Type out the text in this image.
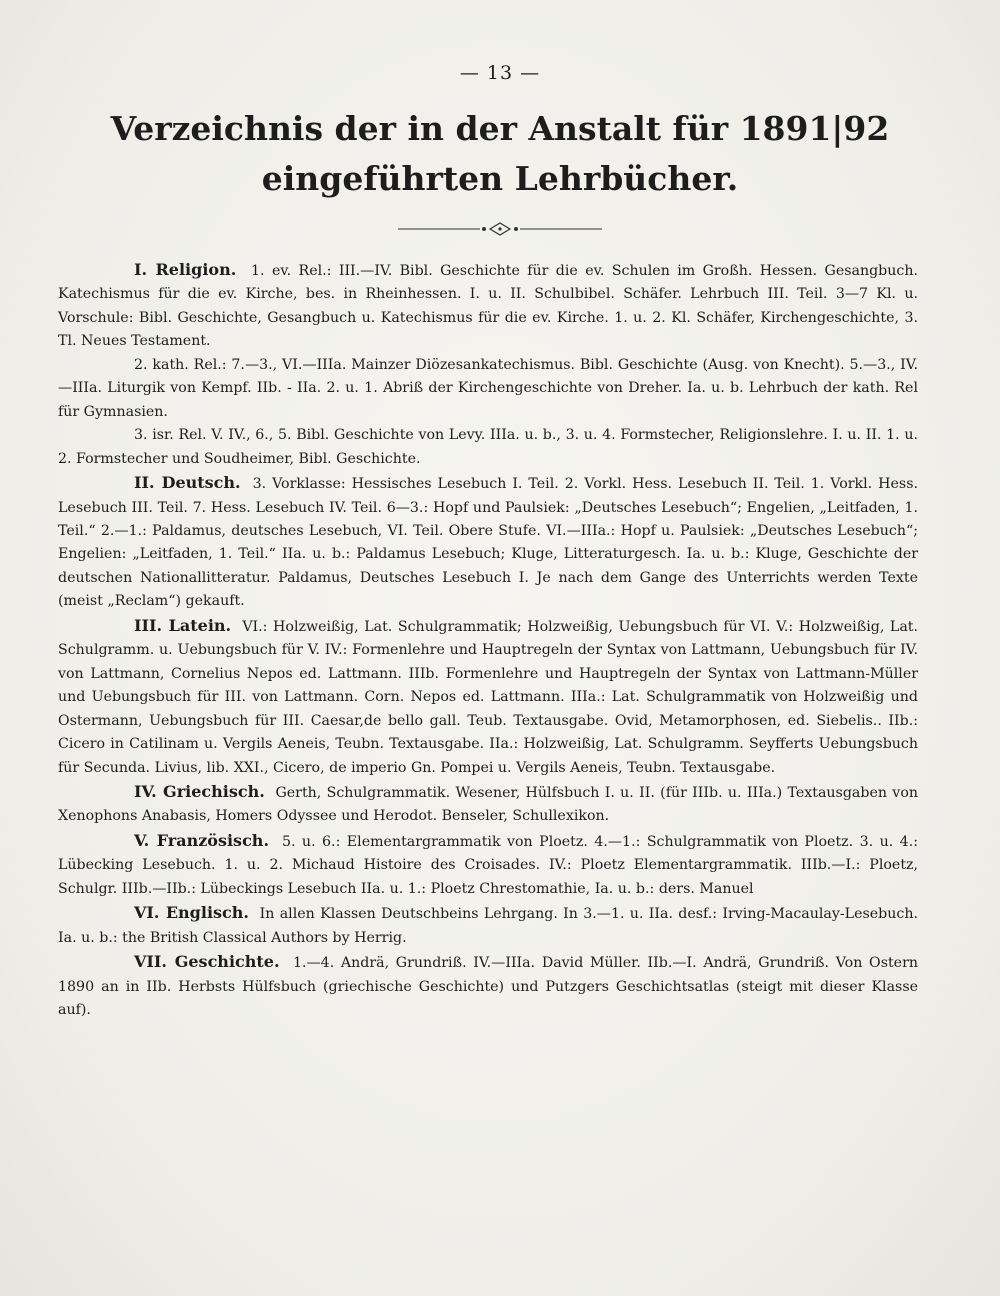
— 13 —
Verzeichnis der in der Anstalt für 1891|92 eingeführten Lehrbücher.

I. Religion. 1. ev. Rel.: III.—IV. Bibl. Geschichte für die ev. Schulen im Großh. Hessen. Gesangbuch. Katechismus für die ev. Kirche, bes. in Rheinhessen. I. u. II. Schulbibel. Schäfer. Lehrbuch III. Teil. 3—7 Kl. u. Vorschule: Bibl. Geschichte, Gesangbuch u. Katechismus für die ev. Kirche. 1. u. 2. Kl. Schäfer, Kirchengeschichte, 3. Tl. Neues Testament.

2. kath. Rel.: 7.—3., VI.—IIIa. Mainzer Diözesankatechismus. Bibl. Geschichte (Ausg. von Knecht). 5.—3., IV.—IIIa. Liturgik von Kempf. IIb. - IIa. 2. u. 1. Abriß der Kirchengeschichte von Dreher. Ia. u. b. Lehrbuch der kath. Rel für Gymnasien.

3. isr. Rel. V. IV., 6., 5. Bibl. Geschichte von Levy. IIIa. u. b., 3. u. 4. Formstecher, Religionslehre. I. u. II. 1. u. 2. Formstecher und Soudheimer, Bibl. Geschichte.

II. Deutsch. 3. Vorklasse: Hessisches Lesebuch I. Teil. 2. Vorkl. Hess. Lesebuch II. Teil. 1. Vorkl. Hess. Lesebuch III. Teil. 7. Hess. Lesebuch IV. Teil. 6—3.: Hopf und Paulsiek: „Deutsches Lesebuch“; Engelien, „Leitfaden, 1. Teil.“ 2.—1.: Paldamus, deutsches Lesebuch, VI. Teil. Obere Stufe. VI.—IIIa.: Hopf u. Paulsiek: „Deutsches Lesebuch“; Engelien: „Leitfaden, 1. Teil.“ IIa. u. b.: Paldamus Lesebuch; Kluge, Litteraturgesch. Ia. u. b.: Kluge, Geschichte der deutschen Nationallitteratur. Paldamus, Deutsches Lesebuch I. Je nach dem Gange des Unterrichts werden Texte (meist „Reclam“) gekauft.

III. Latein. VI.: Holzweißig, Lat. Schulgrammatik; Holzweißig, Uebungsbuch für VI. V.: Holzweißig, Lat. Schulgramm. u. Uebungsbuch für V. IV.: Formenlehre und Hauptregeln der Syntax von Lattmann, Uebungsbuch für IV. von Lattmann, Cornelius Nepos ed. Lattmann. IIIb. Formenlehre und Hauptregeln der Syntax von Lattmann-Müller und Uebungsbuch für III. von Lattmann. Corn. Nepos ed. Lattmann. IIIa.: Lat. Schulgrammatik von Holzweißig und Ostermann, Uebungsbuch für III. Caesar,de bello gall. Teub. Textausgabe. Ovid, Metamorphosen, ed. Siebelis.. IIb.: Cicero in Catilinam u. Vergils Aeneis, Teubn. Textausgabe. IIa.: Holzweißig, Lat. Schulgramm. Seyfferts Uebungsbuch für Secunda. Livius, lib. XXI., Cicero, de imperio Gn. Pompei u. Vergils Aeneis, Teubn. Textausgabe.

IV. Griechisch. Gerth, Schulgrammatik. Wesener, Hülfsbuch I. u. II. (für IIIb. u. IIIa.) Textausgaben von Xenophons Anabasis, Homers Odyssee und Herodot. Benseler, Schullexikon.

V. Französisch. 5. u. 6.: Elementargrammatik von Ploetz. 4.—1.: Schulgrammatik von Ploetz. 3. u. 4.: Lübecking Lesebuch. 1. u. 2. Michaud Histoire des Croisades. IV.: Ploetz Elementargrammatik. IIIb.—I.: Ploetz, Schulgr. IIIb.—IIb.: Lübeckings Lesebuch IIa. u. 1.: Ploetz Chrestomathie, Ia. u. b.: ders. Manuel

VI. Englisch. In allen Klassen Deutschbeins Lehrgang. In 3.—1. u. IIa. desf.: Irving-Macaulay-Lesebuch. Ia. u. b.: the British Classical Authors by Herrig.

VII. Geschichte. 1.—4. Andrä, Grundriß. IV.—IIIa. David Müller. IIb.—I. Andrä, Grundriß. Von Ostern 1890 an in IIb. Herbsts Hülfsbuch (griechische Geschichte) und Putzgers Geschichtsatlas (steigt mit dieser Klasse auf).
